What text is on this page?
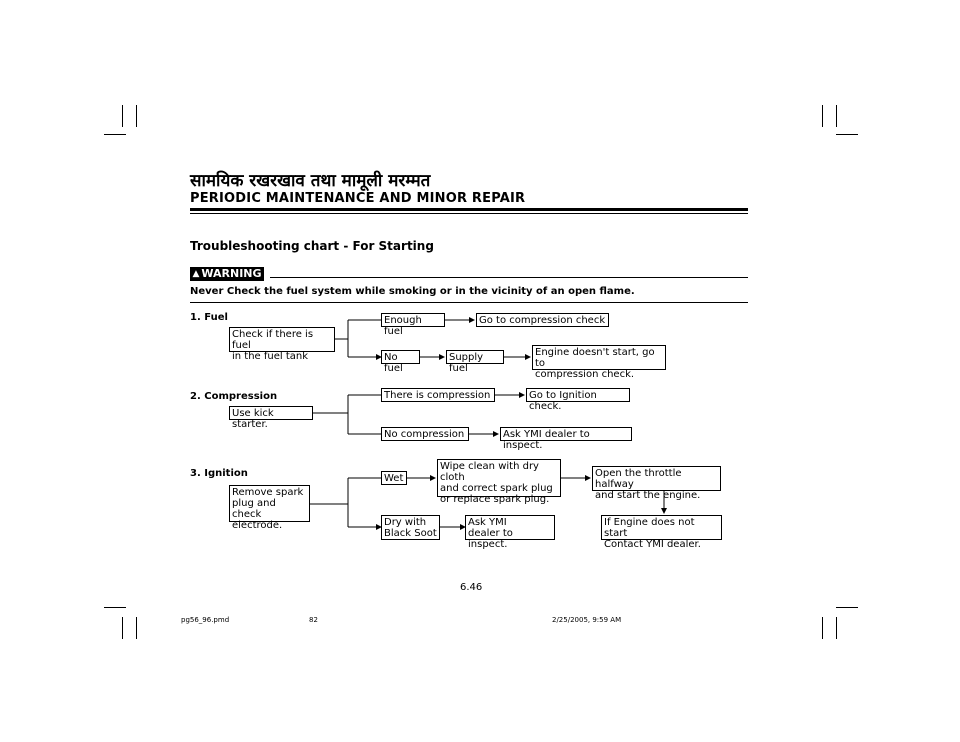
सामयिक रखरखाव तथा मामूली मरम्मत
PERIODIC MAINTENANCE AND MINOR REPAIR
Troubleshooting chart - For Starting
▲ WARNING
Never Check the fuel system while smoking or in the vicinity of an open flame.
1. Fuel
Check if there is fuel
in the fuel tank
Enough fuel
Go to compression check
No fuel
Supply fuel
Engine doesn't start, go to
compression check.
2. Compression
Use kick starter.
There is compression	Go to Ignition check.
No compression	Ask YMI dealer to inspect.
3. Ignition
Remove spark
plug and check
electrode.
Wet
Wipe clean with dry cloth
and correct spark plug
or replace spark plug.
Open the throttle halfway
and start the engine.
Dry with
Black Soot
Ask YMI
dealer to inspect.
If Engine does not start
Contact YMI dealer.
6.46
pg56_96.pmd	82	2/25/2005, 9:59 AM
